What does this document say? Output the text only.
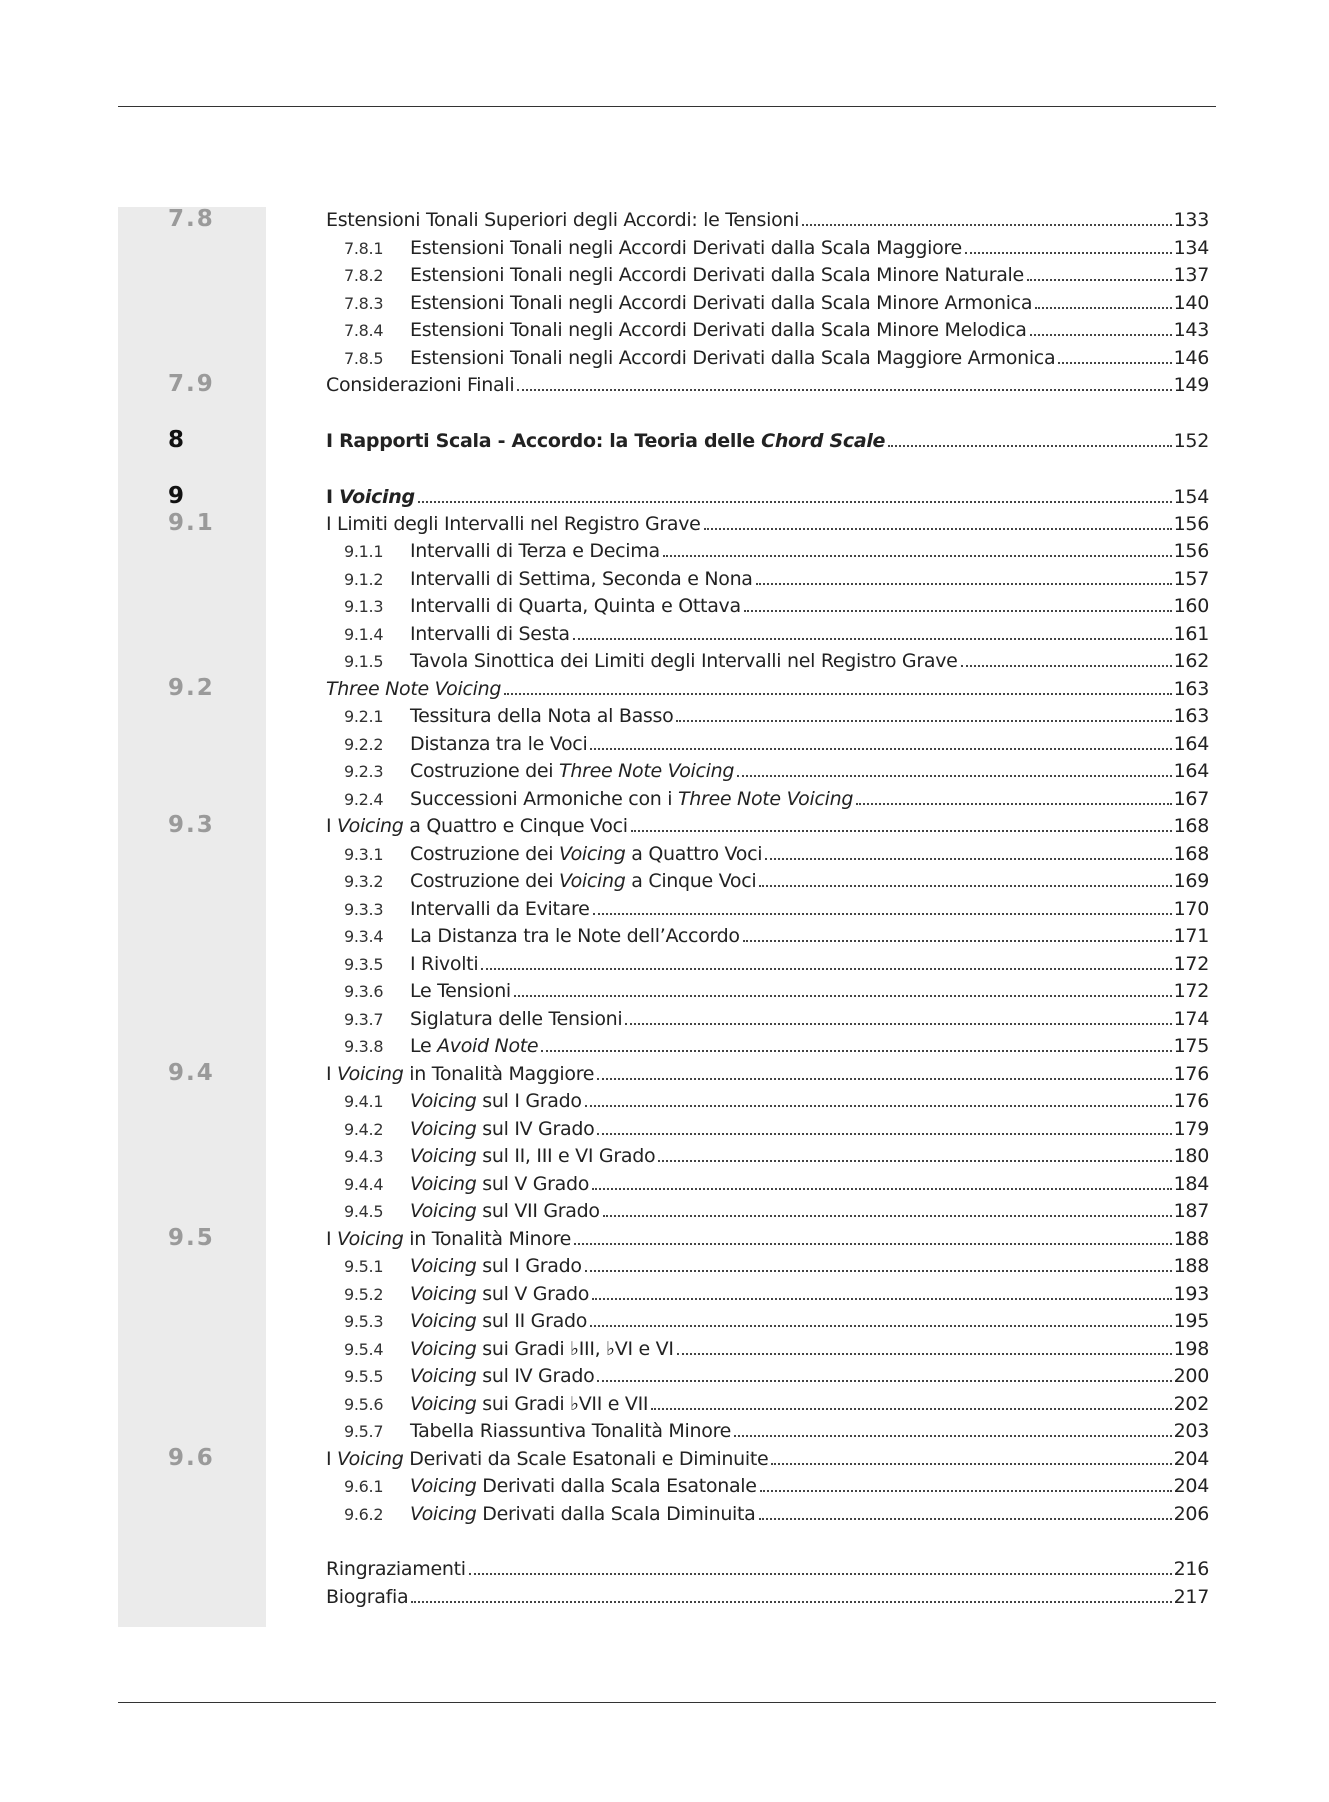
7.8	Estensioni Tonali Superiori degli Accordi: le Tensioni	133
7.8.1	Estensioni Tonali negli Accordi Derivati dalla Scala Maggiore	134
7.8.2	Estensioni Tonali negli Accordi Derivati dalla Scala Minore Naturale	137
7.8.3	Estensioni Tonali negli Accordi Derivati dalla Scala Minore Armonica	140
7.8.4	Estensioni Tonali negli Accordi Derivati dalla Scala Minore Melodica	143
7.8.5	Estensioni Tonali negli Accordi Derivati dalla Scala Maggiore Armonica	146
7.9	Considerazioni Finali	149
8	I Rapporti Scala - Accordo: la Teoria delle Chord Scale	152
9	I Voicing	154
9.1	I Limiti degli Intervalli nel Registro Grave	156
9.1.1	Intervalli di Terza e Decima	156
9.1.2	Intervalli di Settima, Seconda e Nona	157
9.1.3	Intervalli di Quarta, Quinta e Ottava	160
9.1.4	Intervalli di Sesta	161
9.1.5	Tavola Sinottica dei Limiti degli Intervalli nel Registro Grave	162
9.2	Three Note Voicing	163
9.2.1	Tessitura della Nota al Basso	163
9.2.2	Distanza tra le Voci	164
9.2.3	Costruzione dei Three Note Voicing	164
9.2.4	Successioni Armoniche con i Three Note Voicing	167
9.3	I Voicing a Quattro e Cinque Voci	168
9.3.1	Costruzione dei Voicing a Quattro Voci	168
9.3.2	Costruzione dei Voicing a Cinque Voci	169
9.3.3	Intervalli da Evitare	170
9.3.4	La Distanza tra le Note dell’Accordo	171
9.3.5	I Rivolti	172
9.3.6	Le Tensioni	172
9.3.7	Siglatura delle Tensioni	174
9.3.8	Le Avoid Note	175
9.4	I Voicing in Tonalità Maggiore	176
9.4.1	Voicing sul I Grado	176
9.4.2	Voicing sul IV Grado	179
9.4.3	Voicing sul II, III e VI Grado	180
9.4.4	Voicing sul V Grado	184
9.4.5	Voicing sul VII Grado	187
9.5	I Voicing in Tonalità Minore	188
9.5.1	Voicing sul I Grado	188
9.5.2	Voicing sul V Grado	193
9.5.3	Voicing sul II Grado	195
9.5.4	Voicing sui Gradi ♭III, ♭VI e VI	198
9.5.5	Voicing sul IV Grado	200
9.5.6	Voicing sui Gradi ♭VII e VII	202
9.5.7	Tabella Riassuntiva Tonalità Minore	203
9.6	I Voicing Derivati da Scale Esatonali e Diminuite	204
9.6.1	Voicing Derivati dalla Scala Esatonale	204
9.6.2	Voicing Derivati dalla Scala Diminuita	206
Ringraziamenti	216
Biografia	217
